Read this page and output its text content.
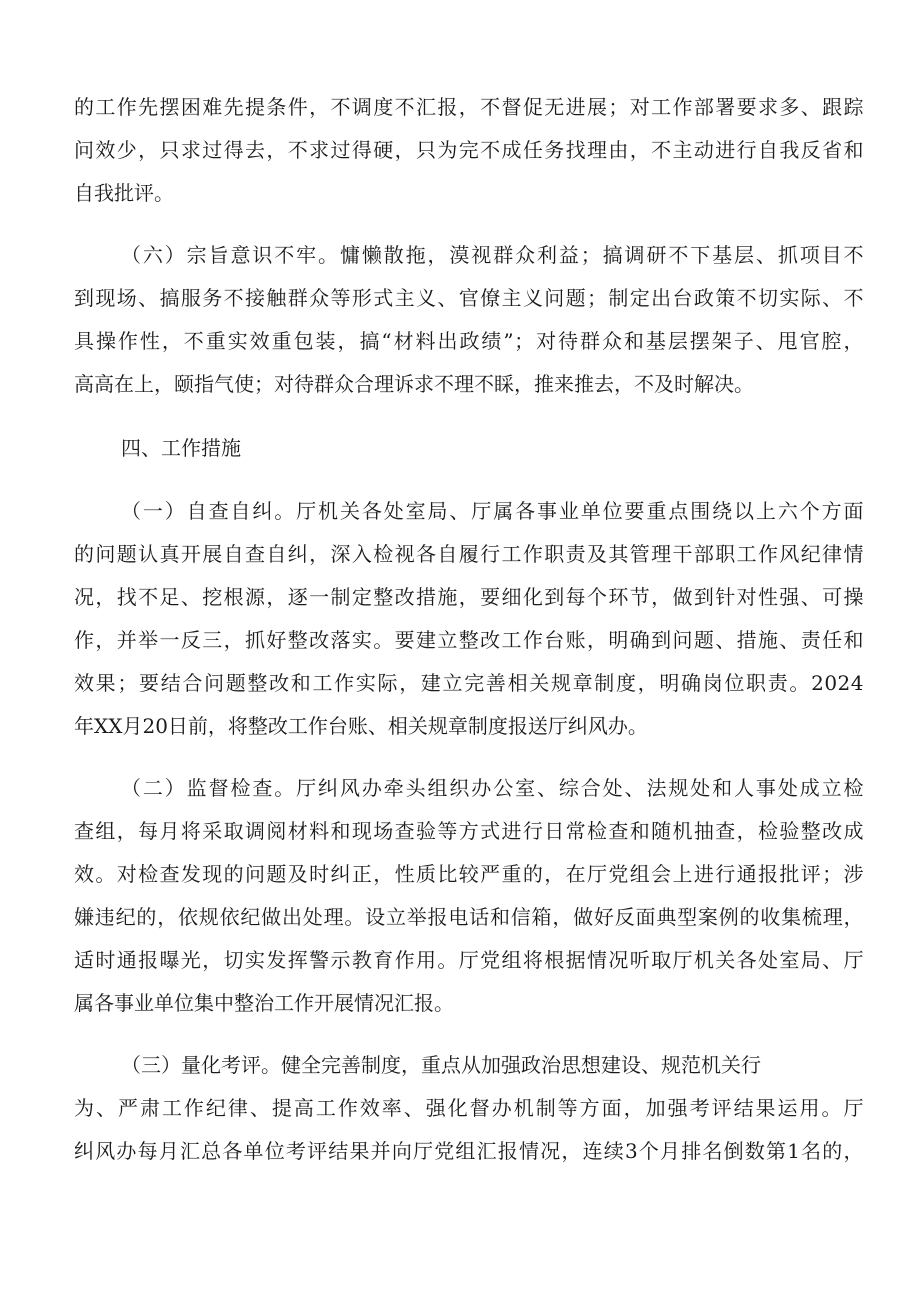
的工作先摆困难先提条件，不调度不汇报，不督促无进展；对工作部署要求多、跟踪
问效少，只求过得去，不求过得硬，只为完不成任务找理由，不主动进行自我反省和
自我批评。
（六）宗旨意识不牢。慵懒散拖，漠视群众利益；搞调研不下基层、抓项目不
到现场、搞服务不接触群众等形式主义、官僚主义问题；制定出台政策不切实际、不
具操作性，不重实效重包装，搞“材料出政绩”；对待群众和基层摆架子、甩官腔，
高高在上，颐指气使；对待群众合理诉求不理不睬，推来推去，不及时解决。
四、工作措施
（一）自查自纠。厅机关各处室局、厅属各事业单位要重点围绕以上六个方面
的问题认真开展自查自纠，深入检视各自履行工作职责及其管理干部职工作风纪律情
况，找不足、挖根源，逐一制定整改措施，要细化到每个环节，做到针对性强、可操
作，并举一反三，抓好整改落实。要建立整改工作台账，明确到问题、措施、责任和
效果；要结合问题整改和工作实际，建立完善相关规章制度，明确岗位职责。2024
年XX月20日前，将整改工作台账、相关规章制度报送厅纠风办。
（二）监督检查。厅纠风办牵头组织办公室、综合处、法规处和人事处成立检
查组，每月将采取调阅材料和现场查验等方式进行日常检查和随机抽查，检验整改成
效。对检查发现的问题及时纠正，性质比较严重的，在厅党组会上进行通报批评；涉
嫌违纪的，依规依纪做出处理。设立举报电话和信箱，做好反面典型案例的收集梳理，
适时通报曝光，切实发挥警示教育作用。厅党组将根据情况听取厅机关各处室局、厅
属各事业单位集中整治工作开展情况汇报。
（三）量化考评。健全完善制度，重点从加强政治思想建设、规范机关行
为、严肃工作纪律、提高工作效率、强化督办机制等方面，加强考评结果运用。厅
纠风办每月汇总各单位考评结果并向厅党组汇报情况，连续3个月排名倒数第1名的，
